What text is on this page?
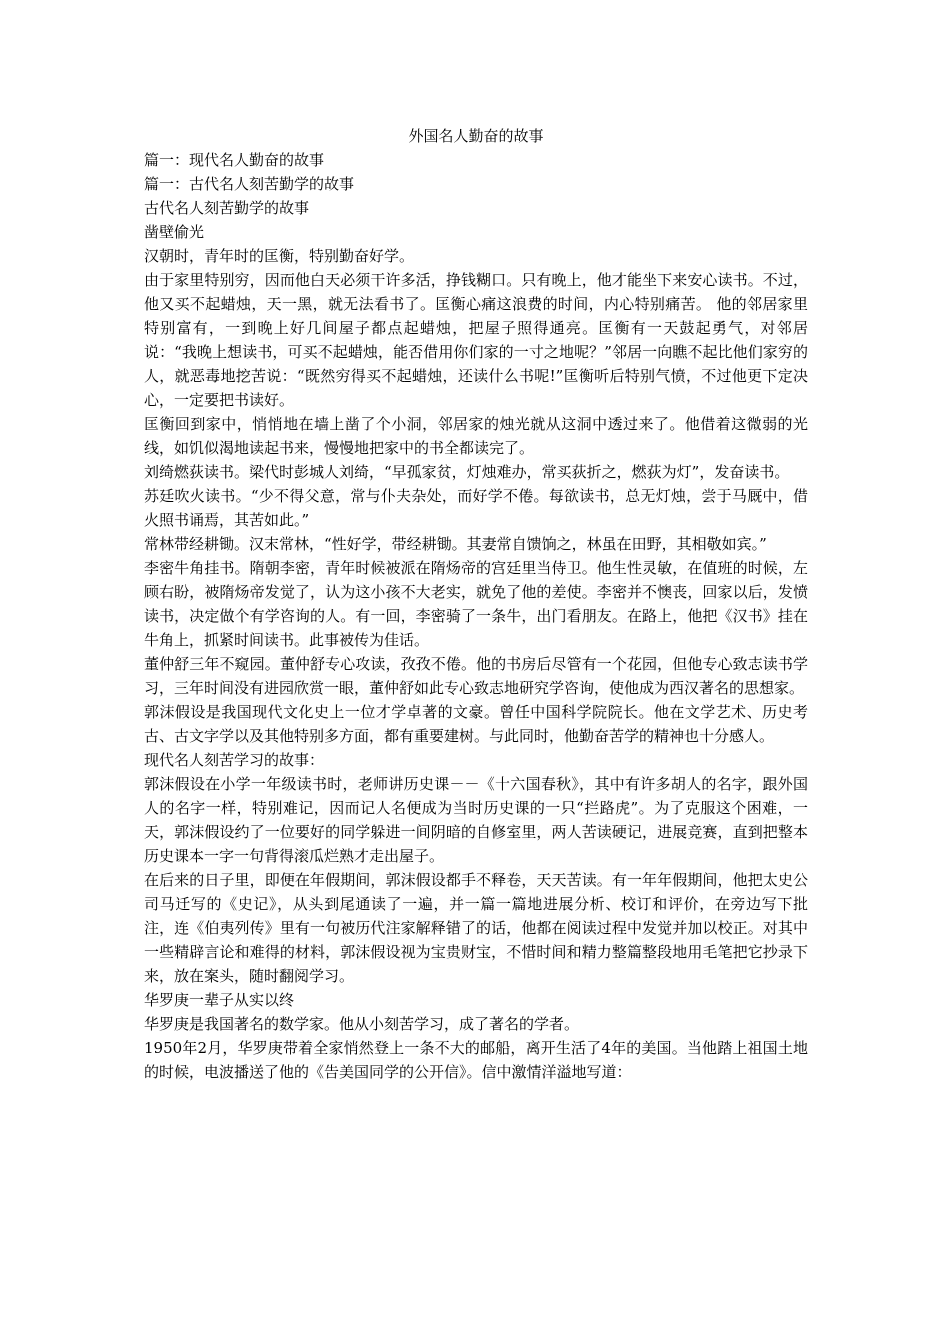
外国名人勤奋的故事

篇一：现代名人勤奋的故事

篇一：古代名人刻苦勤学的故事

古代名人刻苦勤学的故事

凿壁偷光

汉朝时，青年时的匡衡，特别勤奋好学。

由于家里特别穷，因而他白天必须干许多活，挣钱糊口。只有晚上，他才能坐下来安心读书。不过，他又买不起蜡烛，天一黑，就无法看书了。匡衡心痛这浪费的时间，内心特别痛苦。 他的邻居家里特别富有，一到晚上好几间屋子都点起蜡烛，把屋子照得通亮。匡衡有一天鼓起勇气，对邻居说：“我晚上想读书，可买不起蜡烛，能否借用你们家的一寸之地呢？”邻居一向瞧不起比他们家穷的人，就恶毒地挖苦说：“既然穷得买不起蜡烛，还读什么书呢!”匡衡听后特别气愤，不过他更下定决心，一定要把书读好。

匡衡回到家中，悄悄地在墙上凿了个小洞，邻居家的烛光就从这洞中透过来了。他借着这微弱的光线，如饥似渴地读起书来，慢慢地把家中的书全都读完了。

刘绮燃荻读书。梁代时彭城人刘绮，“早孤家贫，灯烛难办，常买荻折之，燃荻为灯”，发奋读书。

苏廷吹火读书。“少不得父意，常与仆夫杂处，而好学不倦。每欲读书，总无灯烛，尝于马厩中，借火照书诵焉，其苦如此。”

常林带经耕锄。汉末常林，“性好学，带经耕锄。其妻常自馈饷之，林虽在田野，其相敬如宾。”

李密牛角挂书。隋朝李密，青年时候被派在隋炀帝的宫廷里当侍卫。他生性灵敏，在值班的时候，左顾右盼，被隋炀帝发觉了，认为这小孩不大老实，就免了他的差使。李密并不懊丧，回家以后，发愤读书，决定做个有学咨询的人。有一回，李密骑了一条牛，出门看朋友。在路上，他把《汉书》挂在牛角上，抓紧时间读书。此事被传为佳话。

董仲舒三年不窥园。董仲舒专心攻读，孜孜不倦。他的书房后尽管有一个花园，但他专心致志读书学习，三年时间没有进园欣赏一眼，董仲舒如此专心致志地研究学咨询，使他成为西汉著名的思想家。

郭沫假设是我国现代文化史上一位才学卓著的文豪。曾任中国科学院院长。他在文学艺术、历史考古、古文字学以及其他特别多方面，都有重要建树。与此同时，他勤奋苦学的精神也十分感人。

现代名人刻苦学习的故事：

郭沫假设在小学一年级读书时，老师讲历史课－－《十六国春秋》，其中有许多胡人的名字，跟外国人的名字一样，特别难记，因而记人名便成为当时历史课的一只“拦路虎”。为了克服这个困难，一天，郭沫假设约了一位要好的同学躲进一间阴暗的自修室里，两人苦读硬记，进展竞赛，直到把整本历史课本一字一句背得滚瓜烂熟才走出屋子。

在后来的日子里，即便在年假期间，郭沫假设都手不释卷，天天苦读。有一年年假期间，他把太史公司马迁写的《史记》，从头到尾通读了一遍，并一篇一篇地进展分析、校订和评价，在旁边写下批注，连《伯夷列传》里有一句被历代注家解释错了的话，他都在阅读过程中发觉并加以校正。对其中一些精辟言论和难得的材料，郭沫假设视为宝贵财宝，不惜时间和精力整篇整段地用毛笔把它抄录下来，放在案头，随时翻阅学习。

华罗庚一辈子从实以终

华罗庚是我国著名的数学家。他从小刻苦学习，成了著名的学者。

1950年2月，华罗庚带着全家悄然登上一条不大的邮船，离开生活了4年的美国。当他踏上祖国土地的时候，电波播送了他的《告美国同学的公开信》。信中激情洋溢地写道：
